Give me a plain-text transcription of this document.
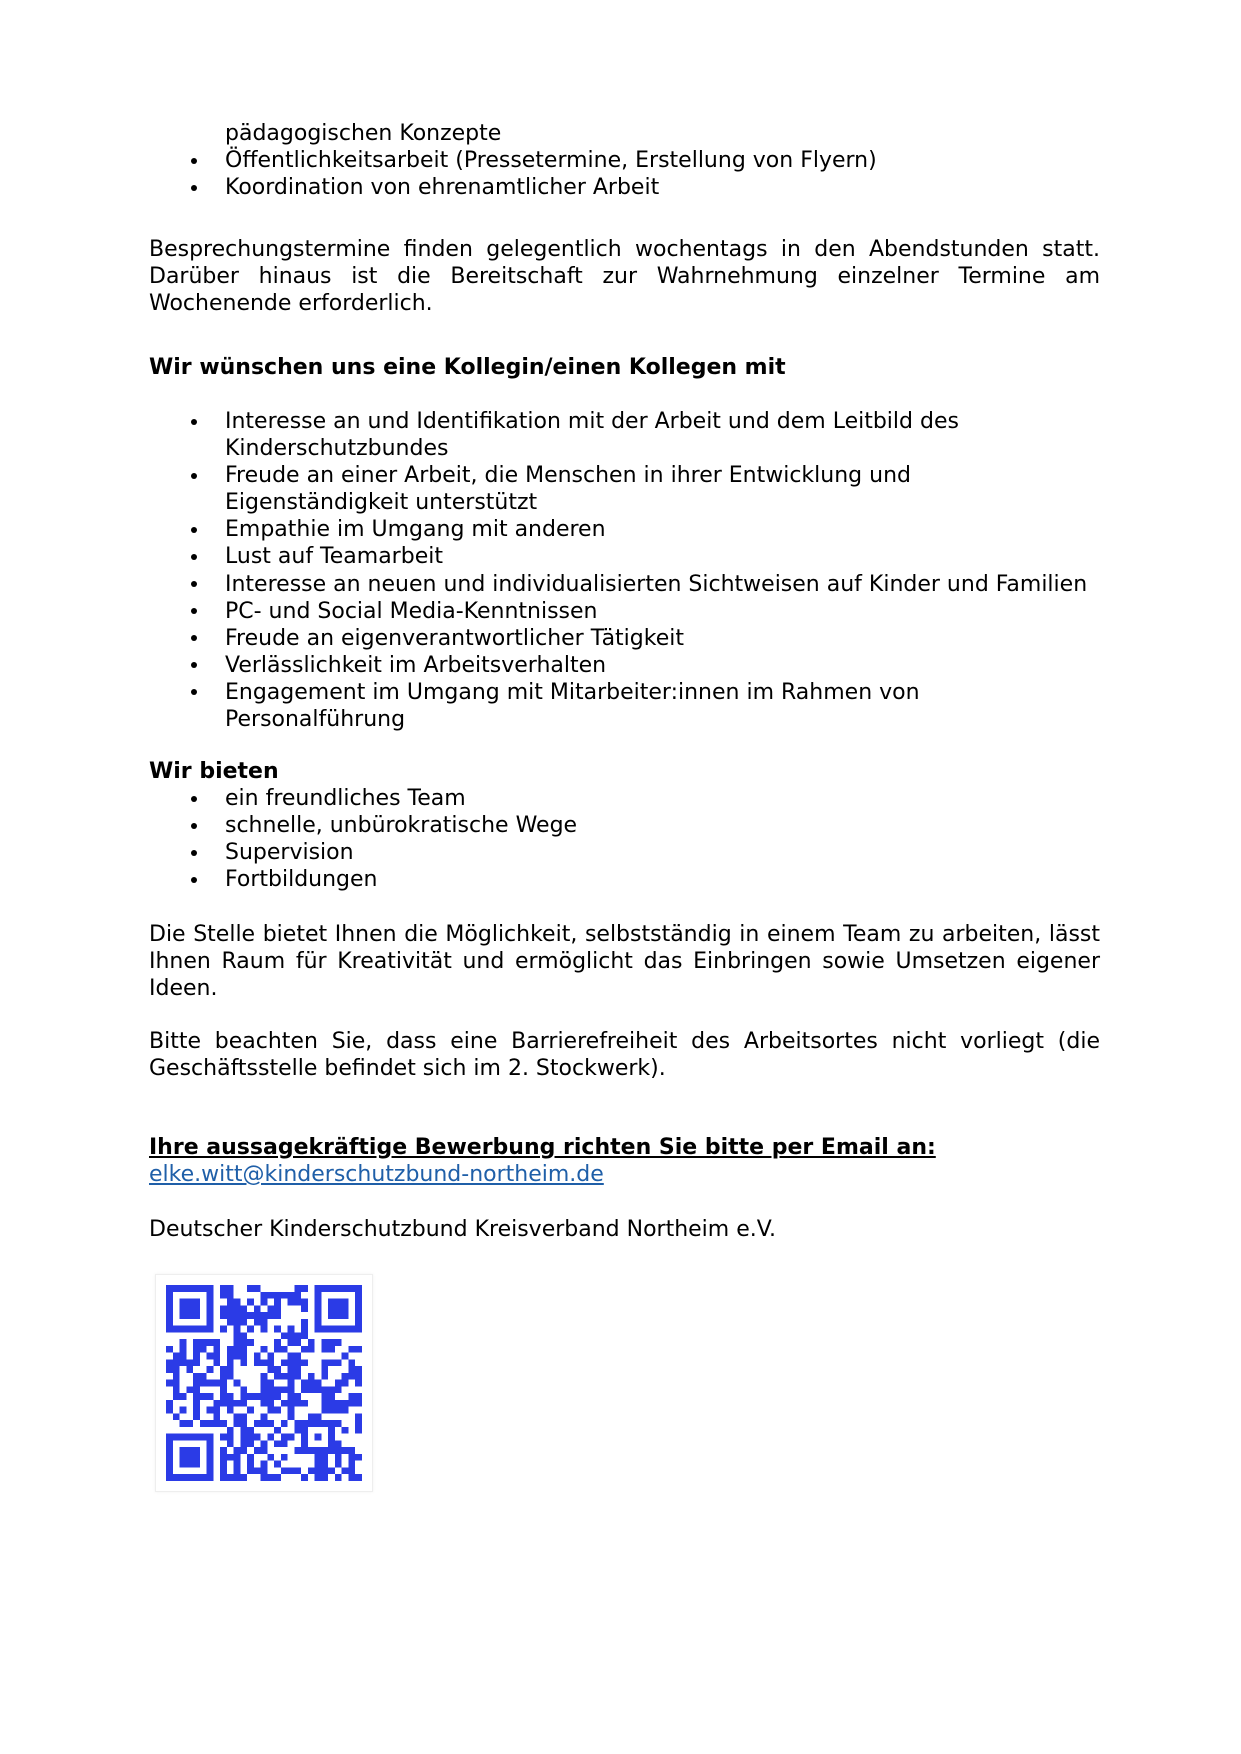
pädagogischen Konzepte
Öffentlichkeitsarbeit (Pressetermine, Erstellung von Flyern)
Koordination von ehrenamtlicher Arbeit
Besprechungstermine finden gelegentlich wochentags in den Abendstunden statt.
Darüber hinaus ist die Bereitschaft zur Wahrnehmung einzelner Termine am
Wochenende erforderlich.
Wir wünschen uns eine Kollegin/einen Kollegen mit
Interesse an und Identifikation mit der Arbeit und dem Leitbild des
Kinderschutzbundes
Freude an einer Arbeit, die Menschen in ihrer Entwicklung und
Eigenständigkeit unterstützt
Empathie im Umgang mit anderen
Lust auf Teamarbeit
Interesse an neuen und individualisierten Sichtweisen auf Kinder und Familien
PC- und Social Media-Kenntnissen
Freude an eigenverantwortlicher Tätigkeit
Verlässlichkeit im Arbeitsverhalten
Engagement im Umgang mit Mitarbeiter:innen im Rahmen von
Personalführung
Wir bieten
ein freundliches Team
schnelle, unbürokratische Wege
Supervision
Fortbildungen
Die Stelle bietet Ihnen die Möglichkeit, selbstständig in einem Team zu arbeiten, lässt
Ihnen Raum für Kreativität und ermöglicht das Einbringen sowie Umsetzen eigener
Ideen.
Bitte beachten Sie, dass eine Barrierefreiheit des Arbeitsortes nicht vorliegt (die
Geschäftsstelle befindet sich im 2. Stockwerk).
Ihre aussagekräftige Bewerbung richten Sie bitte per Email an:
elke.witt@kinderschutzbund-northeim.de
Deutscher Kinderschutzbund Kreisverband Northeim e.V.
